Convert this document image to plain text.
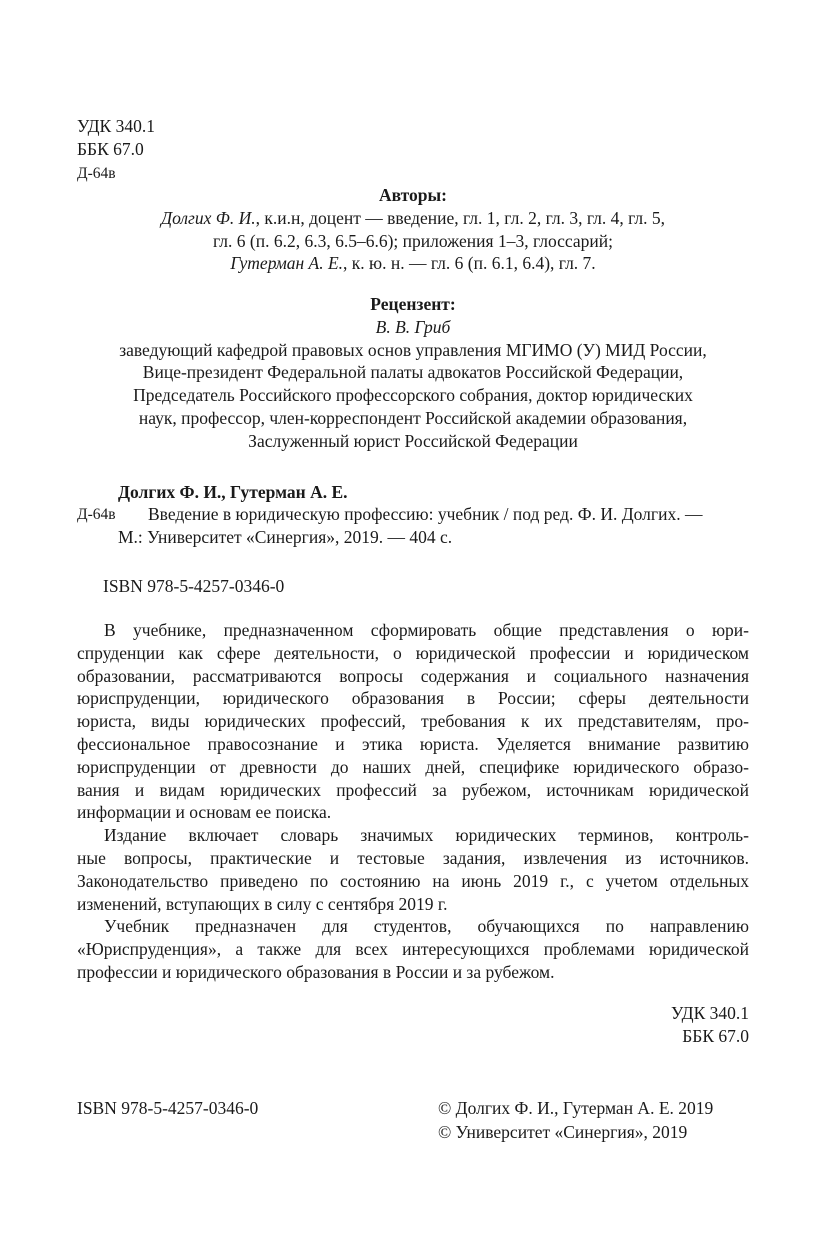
УДК 340.1
ББК 67.0
Д-64в
Авторы:
Долгих Ф. И., к.и.н, доцент — введение, гл. 1, гл. 2, гл. 3, гл. 4, гл. 5,
гл. 6 (п. 6.2, 6.3, 6.5–6.6); приложения 1–3, глоссарий;
Гутерман А. Е., к. ю. н. — гл. 6 (п. 6.1, 6.4), гл. 7.
Рецензент:
В. В. Гриб
заведующий кафедрой правовых основ управления МГИМО (У) МИД России,
Вице-президент Федеральной палаты адвокатов Российской Федерации,
Председатель Российского профессорского собрания, доктор юридических
наук, профессор, член-корреспондент Российской академии образования,
Заслуженный юрист Российской Федерации
Долгих Ф. И., Гутерман А. Е.
Д-64в Введение в юридическую профессию: учебник / под ред. Ф. И. Долгих. —
М.: Университет «Синергия», 2019. — 404 с.
ISBN 978-5-4257-0346-0

В учебнике, предназначенном сформировать общие представления о юри-
спруденции как сфере деятельности, о юридической профессии и юридическом
образовании, рассматриваются вопросы содержания и социального назначения
юриспруденции, юридического образования в России; сферы деятельности
юриста, виды юридических профессий, требования к их представителям, про-
фессиональное правосознание и этика юриста. Уделяется внимание развитию
юриспруденции от древности до наших дней, специфике юридического образо-
вания и видам юридических профессий за рубежом, источникам юридической
информации и основам ее поиска.

Издание включает словарь значимых юридических терминов, контроль-
ные вопросы, практические и тестовые задания, извлечения из источников.
Законодательство приведено по состоянию на июнь 2019 г., с учетом отдельных
изменений, вступающих в силу с сентября 2019 г.

Учебник предназначен для студентов, обучающихся по направлению
«Юриспруденция», а также для всех интересующихся проблемами юридической
профессии и юридического образования в России и за рубежом.

УДК 340.1
ББК 67.0
ISBN 978-5-4257-0346-0	© Долгих Ф. И., Гутерман А. Е. 2019
© Университет «Синергия», 2019
